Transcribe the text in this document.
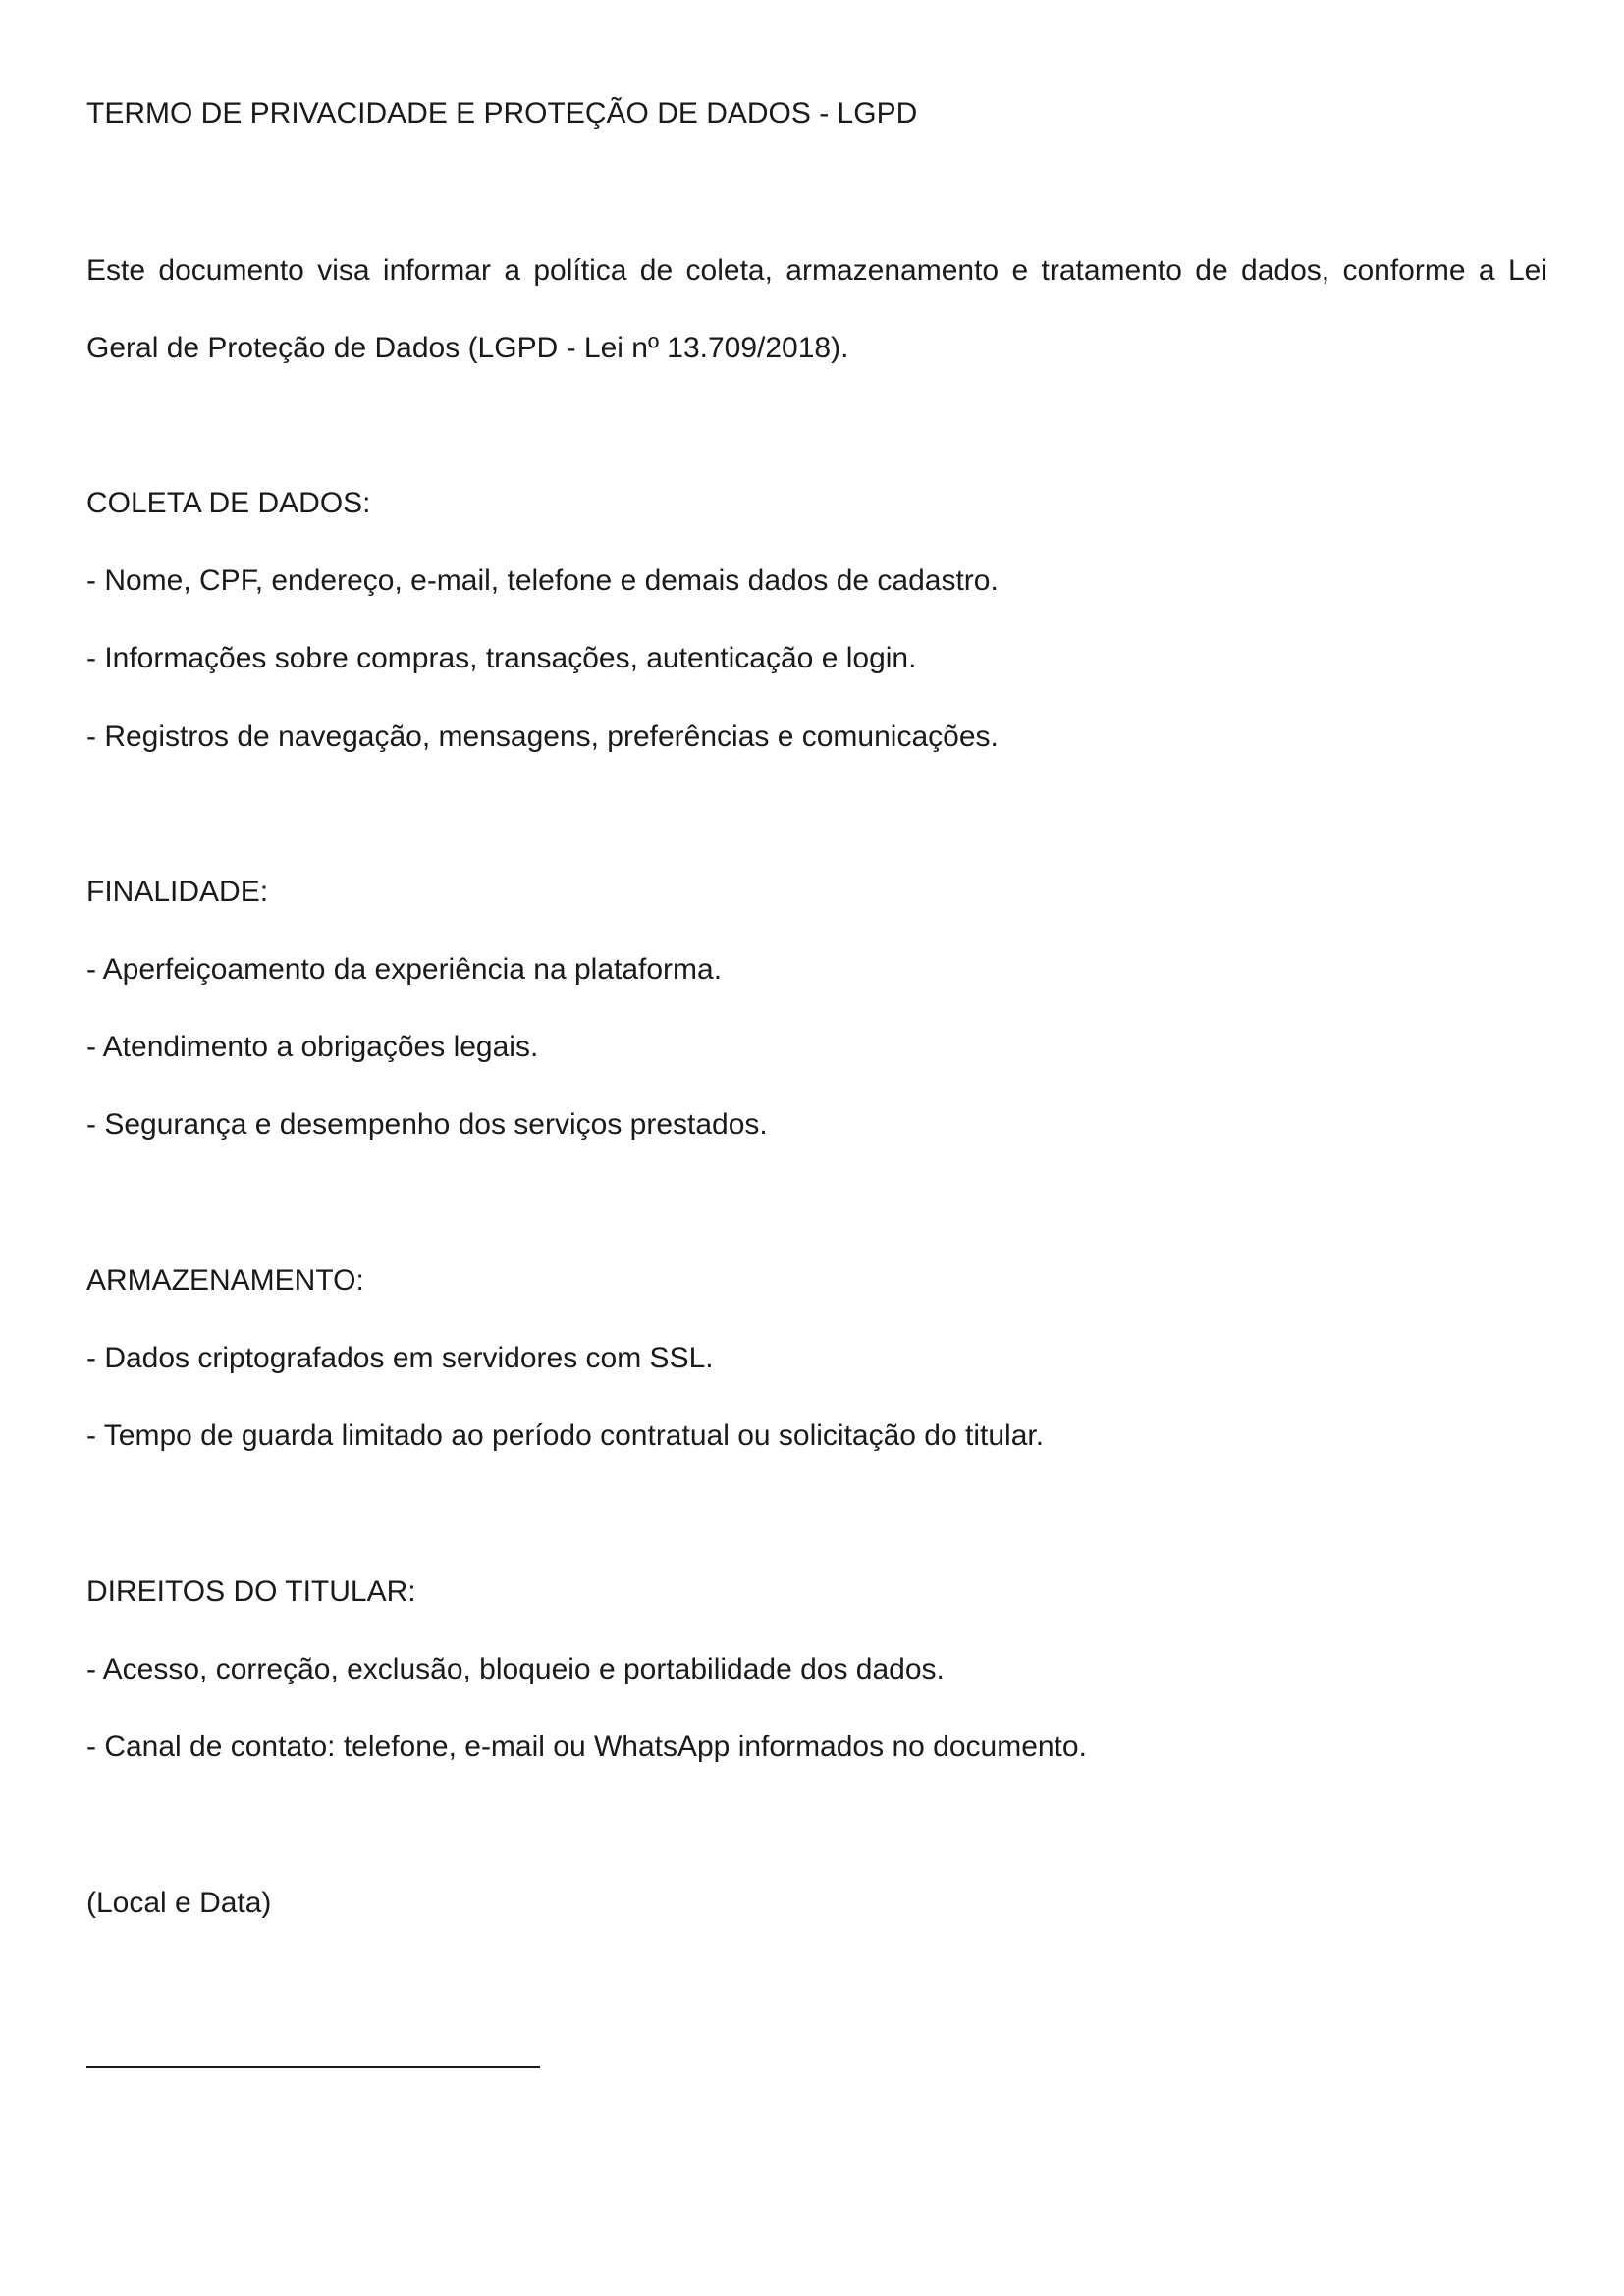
TERMO DE PRIVACIDADE E PROTEÇÃO DE DADOS - LGPD
Este documento visa informar a política de coleta, armazenamento e tratamento de dados, conforme a Lei
Geral de Proteção de Dados (LGPD - Lei nº 13.709/2018).
COLETA DE DADOS:
- Nome, CPF, endereço, e-mail, telefone e demais dados de cadastro.
- Informações sobre compras, transações, autenticação e login.
- Registros de navegação, mensagens, preferências e comunicações.
FINALIDADE:
- Aperfeiçoamento da experiência na plataforma.
- Atendimento a obrigações legais.
- Segurança e desempenho dos serviços prestados.
ARMAZENAMENTO:
- Dados criptografados em servidores com SSL.
- Tempo de guarda limitado ao período contratual ou solicitação do titular.
DIREITOS DO TITULAR:
- Acesso, correção, exclusão, bloqueio e portabilidade dos dados.
- Canal de contato: telefone, e-mail ou WhatsApp informados no documento.
(Local e Data)
